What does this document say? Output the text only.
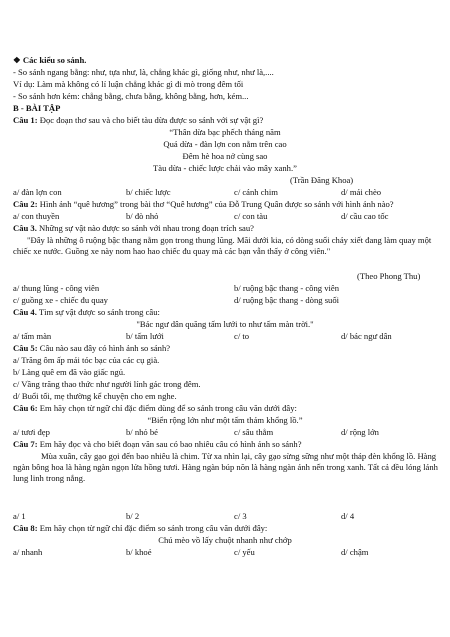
❖ Các kiểu so sánh.
- So sánh ngang bằng: như, tựa như, là, chẳng khác gì, giống như, như là,....
Ví dụ: Làm mà không có lí luận chẳng khác gì đi mò trong đêm tối
- So sánh hơn kém: chẳng bằng, chưa bằng, không bằng, hơn, kém...
B - BÀI TẬP
Câu 1: Đọc đoạn thơ sau và cho biết tàu dừa được so sánh với sự vật gì?
“Thân dừa bạc phếch tháng năm
Quả dừa - đàn lợn con nằm trên cao
Đêm hè hoa nở cùng sao
Tàu dừa - chiếc lược chải vào mây xanh.”
(Trần Đăng Khoa)
a/ đàn lợn con	b/ chiếc lược	c/ cánh chim	d/ mái chèo
Câu 2: Hình ảnh “quê hương” trong bài thơ “Quê hương” của Đỗ Trung Quân được so sánh với hình ảnh nào?
a/ con thuyền	b/ đò nhỏ	c/ con tàu	d/ cầu cao tốc
Câu 3. Những sự vật nào được so sánh với nhau trong đoạn trích sau?
"Đây là những ô ruộng bậc thang nằm gọn trong thung lũng. Mãi dưới kia, có dòng suối chảy xiết đang làm quay một chiếc xe nước. Guồng xe này nom hao hao chiếc đu quay mà các bạn vẫn thấy ở công viên."
(Theo Phong Thu)
a/ thung lũng - công viên	b/ ruộng bậc thang - công viên
c/ guồng xe - chiếc đu quay	d/ ruộng bậc thang - dòng suối
Câu 4. Tìm sự vật được so sánh trong câu:
"Bác ngư dân quăng tấm lưới to như tấm màn trời."
a/ tấm màn	b/ tấm lưới	c/ to	d/ bác ngư dân
Câu 5: Câu nào sau đây có hình ảnh so sánh?
a/ Trăng ôm ấp mái tóc bạc của các cụ già.
b/ Làng quê em đã vào giấc ngủ.
c/ Vầng trăng thao thức như người lính gác trong đêm.
d/ Buổi tối, mẹ thường kể chuyện cho em nghe.
Câu 6: Em hãy chọn từ ngữ chỉ đặc điểm dùng để so sánh trong câu văn dưới đây:
“Biển rộng lớn như một tấm thảm khổng lồ.”
a/ tươi đẹp	b/ nhỏ bé	c/ sâu thẳm	d/ rộng lớn
Câu 7: Em hãy đọc và cho biết đoạn văn sau có bao nhiêu câu có hình ảnh so sánh?
Mùa xuân, cây gạo gọi đến bao nhiêu là chim. Từ xa nhìn lại, cây gạo sừng sững như một tháp đèn khổng lồ. Hàng ngàn bông hoa là hàng ngàn ngọn lửa hồng tươi. Hàng ngàn búp nõn là hàng ngàn ánh nến trong xanh. Tất cả đều lóng lánh lung linh trong nắng.
a/ 1	b/ 2	c/ 3	d/ 4
Câu 8: Em hãy chọn từ ngữ chỉ đặc điểm so sánh trong câu văn dưới đây:
Chú mèo vồ lấy chuột nhanh như chớp
a/ nhanh	b/ khoẻ	c/ yếu	d/ chậm
